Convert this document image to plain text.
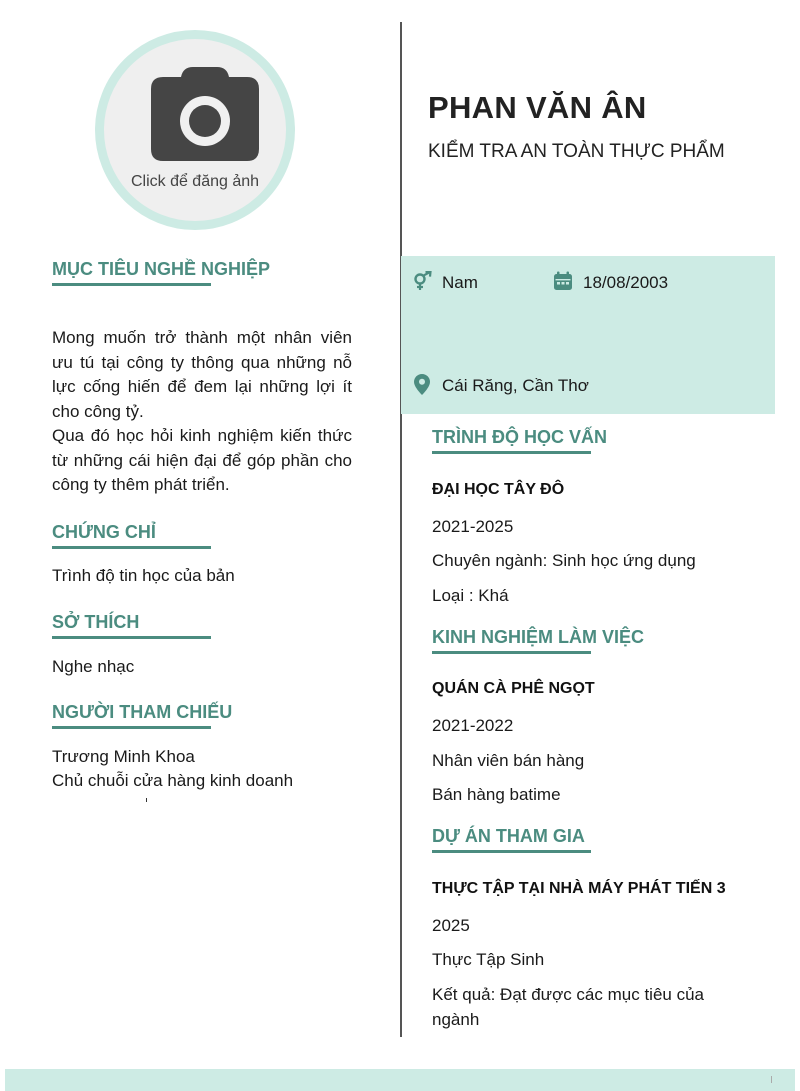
Click để đăng ảnh
PHAN VĂN ÂN
KIỂM TRA AN TOÀN THỰC PHẨM
Nam	18/08/2003
Cái Răng, Cần Thơ
MỤC TIÊU NGHỀ NGHIỆP
Mong muốn trở thành một nhân viên ưu tú tại công ty thông qua những nỗ lực cống hiến để đem lại những lợi ít cho công tỷ.
Qua đó học hỏi kinh nghiệm kiến thức từ những cái hiện đại để góp phần cho công ty thêm phát triển.
CHỨNG CHỈ
Trình độ tin học của bản
SỞ THÍCH
Nghe nhạc
NGƯỜI THAM CHIẾU
Trương Minh Khoa
Chủ chuỗi cửa hàng kinh doanh
TRÌNH ĐỘ HỌC VẤN
ĐẠI HỌC TÂY ĐÔ
2021-2025
Chuyên ngành: Sinh học ứng dụng
Loại : Khá
KINH NGHIỆM LÀM VIỆC
QUÁN CÀ PHÊ NGỌT
2021-2022
Nhân viên bán hàng
Bán hàng batime
DỰ ÁN THAM GIA
THỰC TẬP TẠI NHÀ MÁY PHÁT TIẾN 3
2025
Thực Tập Sinh
Kết quả: Đạt được các mục tiêu của ngành
